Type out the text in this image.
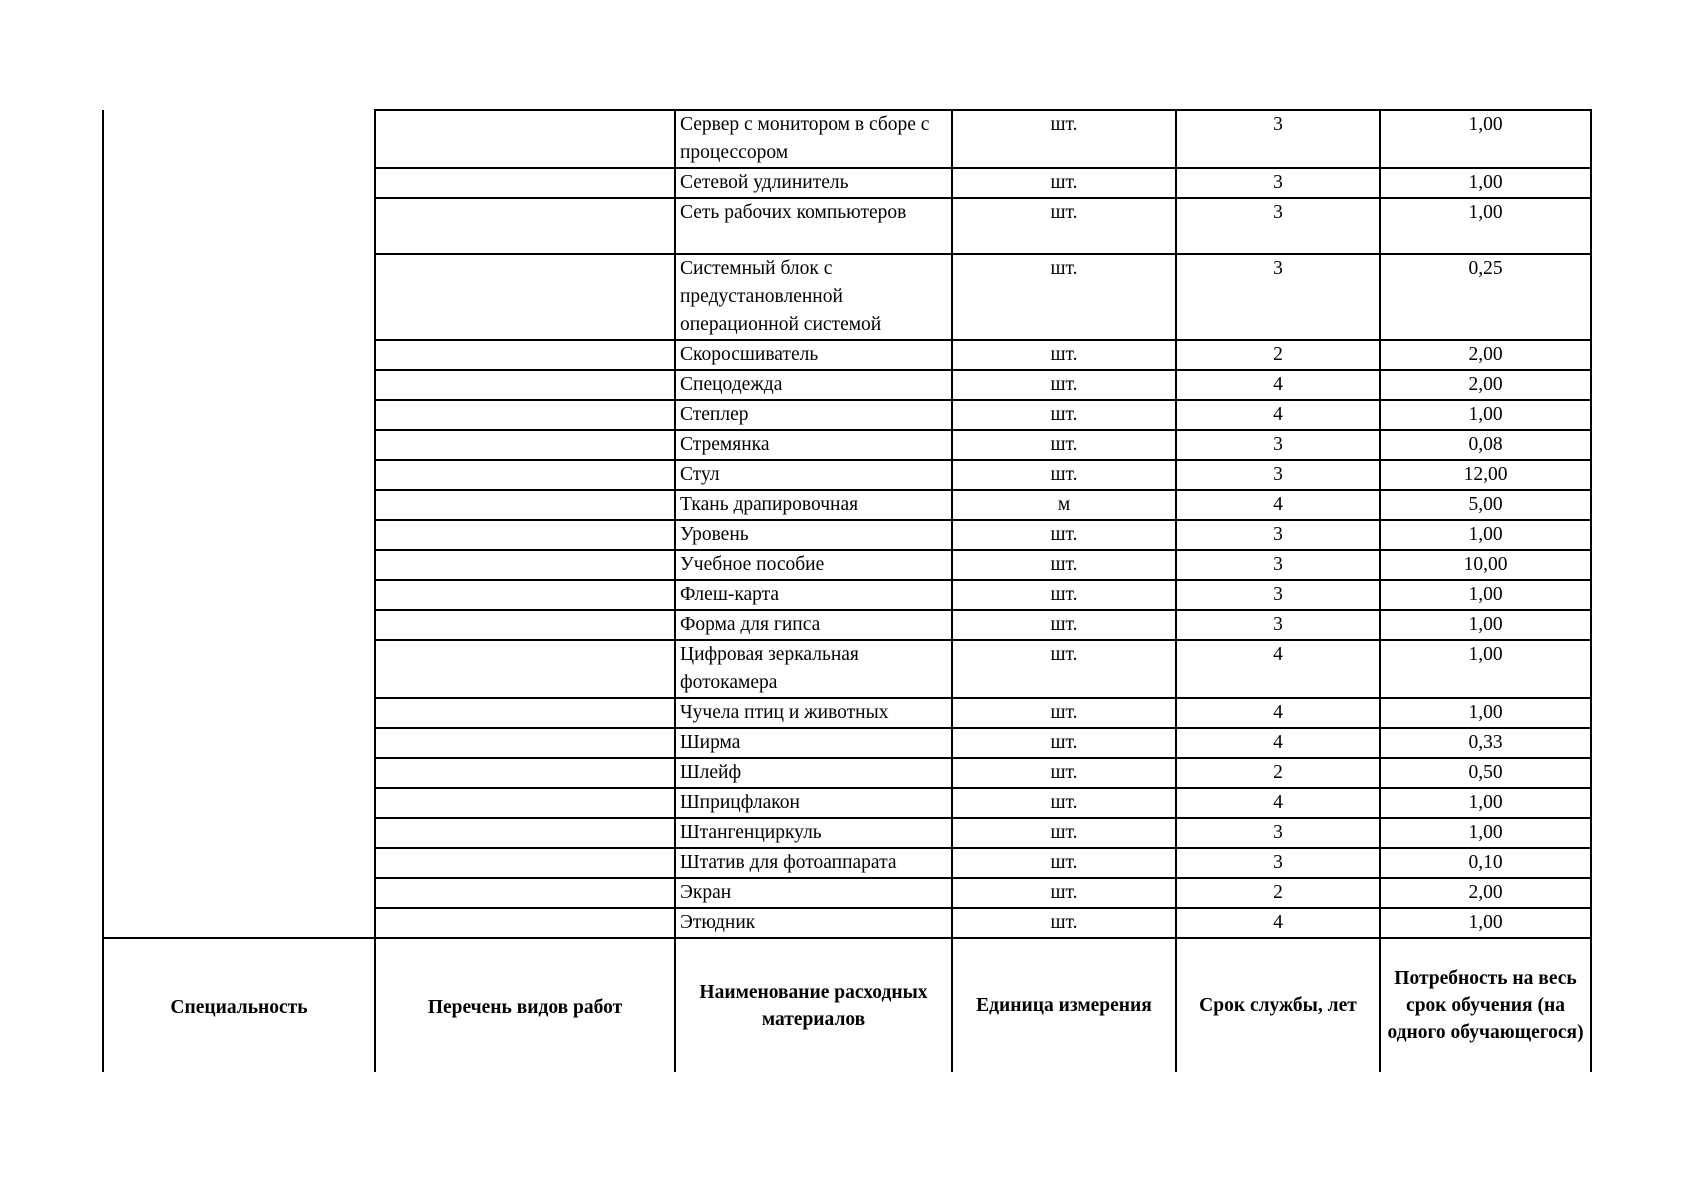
		Сервер с монитором в сборе с процессором	шт.	3	1,00
		Сетевой удлинитель	шт.	3	1,00
		Сеть рабочих компьютеров	шт.	3	1,00
		Системный блок с предустановленной операционной системой	шт.	3	0,25
		Скоросшиватель	шт.	2	2,00
		Спецодежда	шт.	4	2,00
		Степлер	шт.	4	1,00
		Стремянка	шт.	3	0,08
		Стул	шт.	3	12,00
		Ткань драпировочная	м	4	5,00
		Уровень	шт.	3	1,00
		Учебное пособие	шт.	3	10,00
		Флеш-карта	шт.	3	1,00
		Форма для гипса	шт.	3	1,00
		Цифровая зеркальная фотокамера	шт.	4	1,00
		Чучела птиц и животных	шт.	4	1,00
		Ширма	шт.	4	0,33
		Шлейф	шт.	2	0,50
		Шприцфлакон	шт.	4	1,00
		Штангенциркуль	шт.	3	1,00
		Штатив для фотоаппарата	шт.	3	0,10
		Экран	шт.	2	2,00
		Этюдник	шт.	4	1,00
Специальность	Перечень видов работ	Наименование расходных материалов	Единица измерения	Срок службы, лет	Потребность на весь срок обучения (на одного обучающегося)
